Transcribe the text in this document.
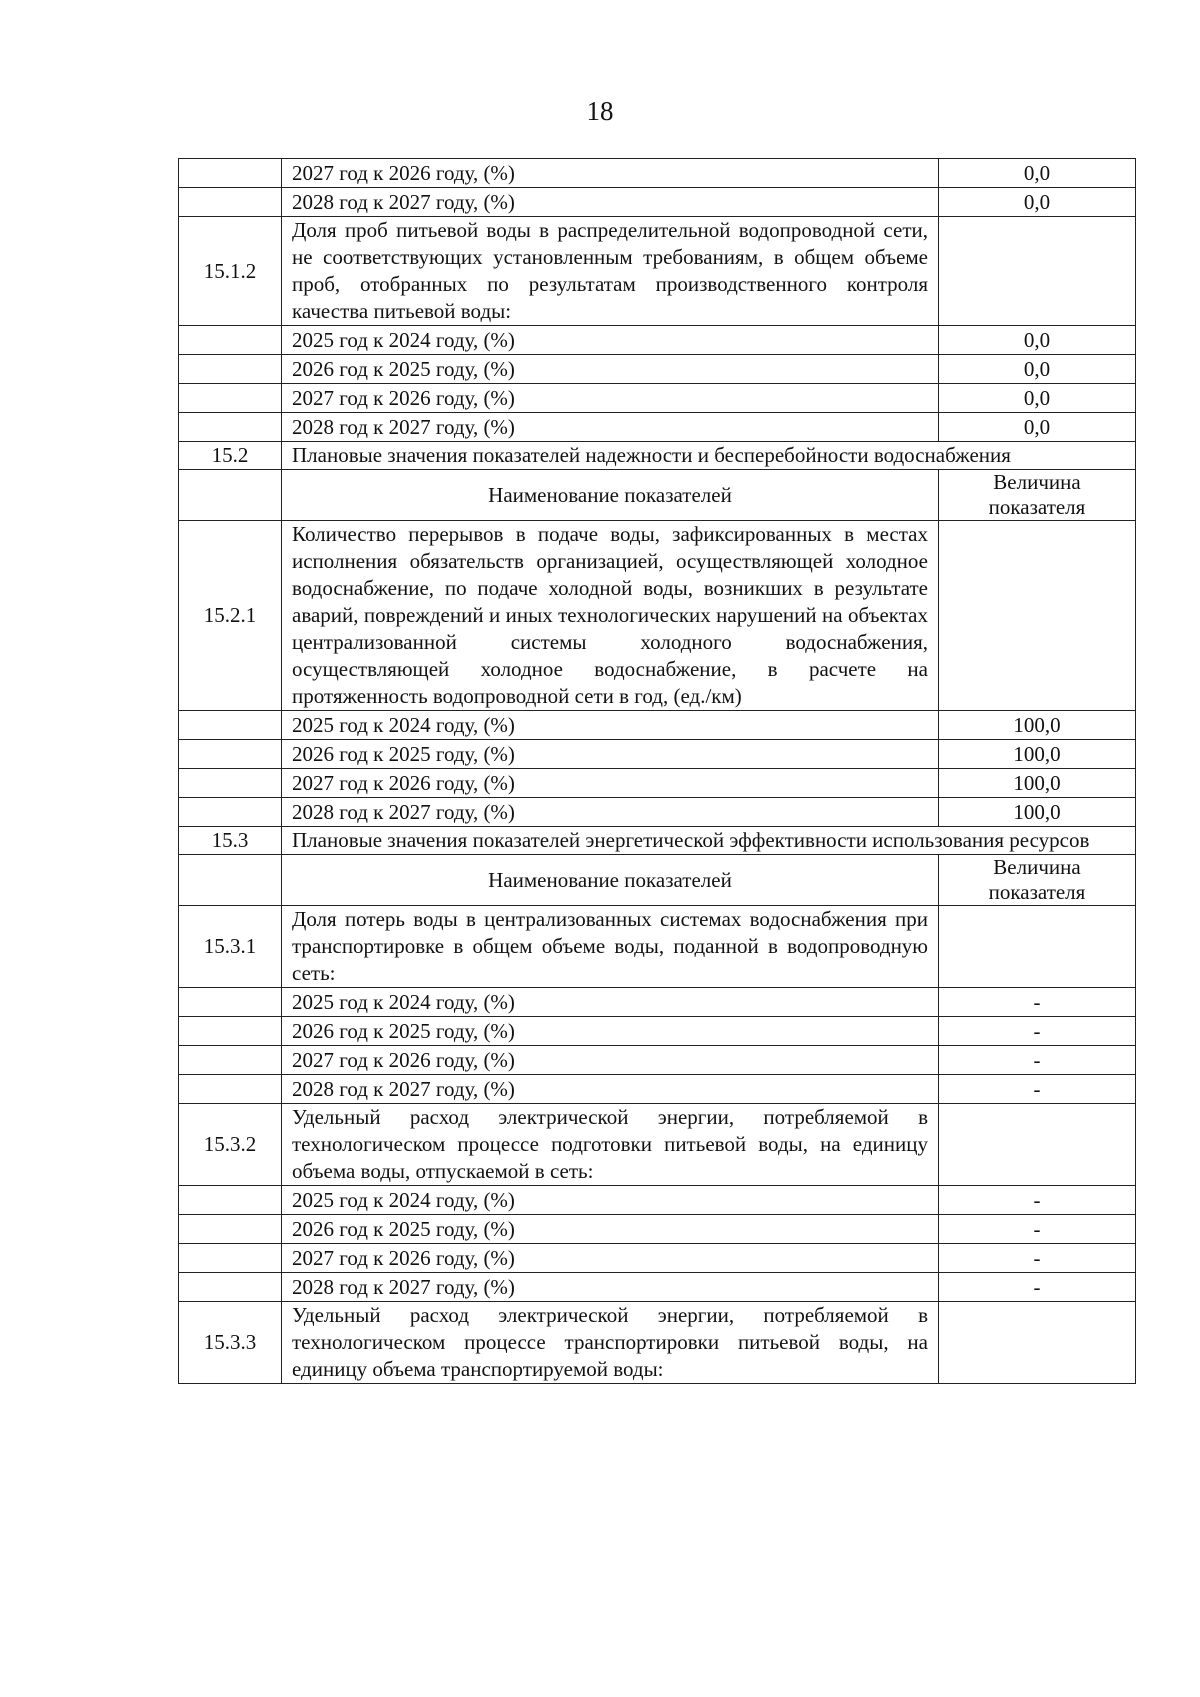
18
	2027 год к 2026 году, (%)	0,0
	2028 год к 2027 году, (%)	0,0
15.1.2	Доля проб питьевой воды в распределительной водопроводной сети, не соответствующих установленным требованиям, в общем объеме проб, отобранных по результатам производственного контроля качества питьевой воды:	
	2025 год к 2024 году, (%)	0,0
	2026 год к 2025 году, (%)	0,0
	2027 год к 2026 году, (%)	0,0
	2028 год к 2027 году, (%)	0,0
15.2	Плановые значения показателей надежности и бесперебойности водоснабжения	
	Наименование показателей	Величина показателя
15.2.1	Количество перерывов в подаче воды, зафиксированных в местах исполнения обязательств организацией, осуществляющей холодное водоснабжение, по подаче холодной воды, возникших в результате аварий, повреждений и иных технологических нарушений на объектах централизованной системы холодного водоснабжения, осуществляющей холодное водоснабжение, в расчете на протяженность водопроводной сети в год, (ед./км)	
	2025 год к 2024 году, (%)	100,0
	2026 год к 2025 году, (%)	100,0
	2027 год к 2026 году, (%)	100,0
	2028 год к 2027 году, (%)	100,0
15.3	Плановые значения показателей энергетической эффективности использования ресурсов	
	Наименование показателей	Величина показателя
15.3.1	Доля потерь воды в централизованных системах водоснабжения при транспортировке в общем объеме воды, поданной в водопроводную сеть:	
	2025 год к 2024 году, (%)	-
	2026 год к 2025 году, (%)	-
	2027 год к 2026 году, (%)	-
	2028 год к 2027 году, (%)	-
15.3.2	Удельный расход электрической энергии, потребляемой в технологическом процессе подготовки питьевой воды, на единицу объема воды, отпускаемой в сеть:	
	2025 год к 2024 году, (%)	-
	2026 год к 2025 году, (%)	-
	2027 год к 2026 году, (%)	-
	2028 год к 2027 году, (%)	-
15.3.3	Удельный расход электрической энергии, потребляемой в технологическом процессе транспортировки питьевой воды, на единицу объема транспортируемой воды:	
